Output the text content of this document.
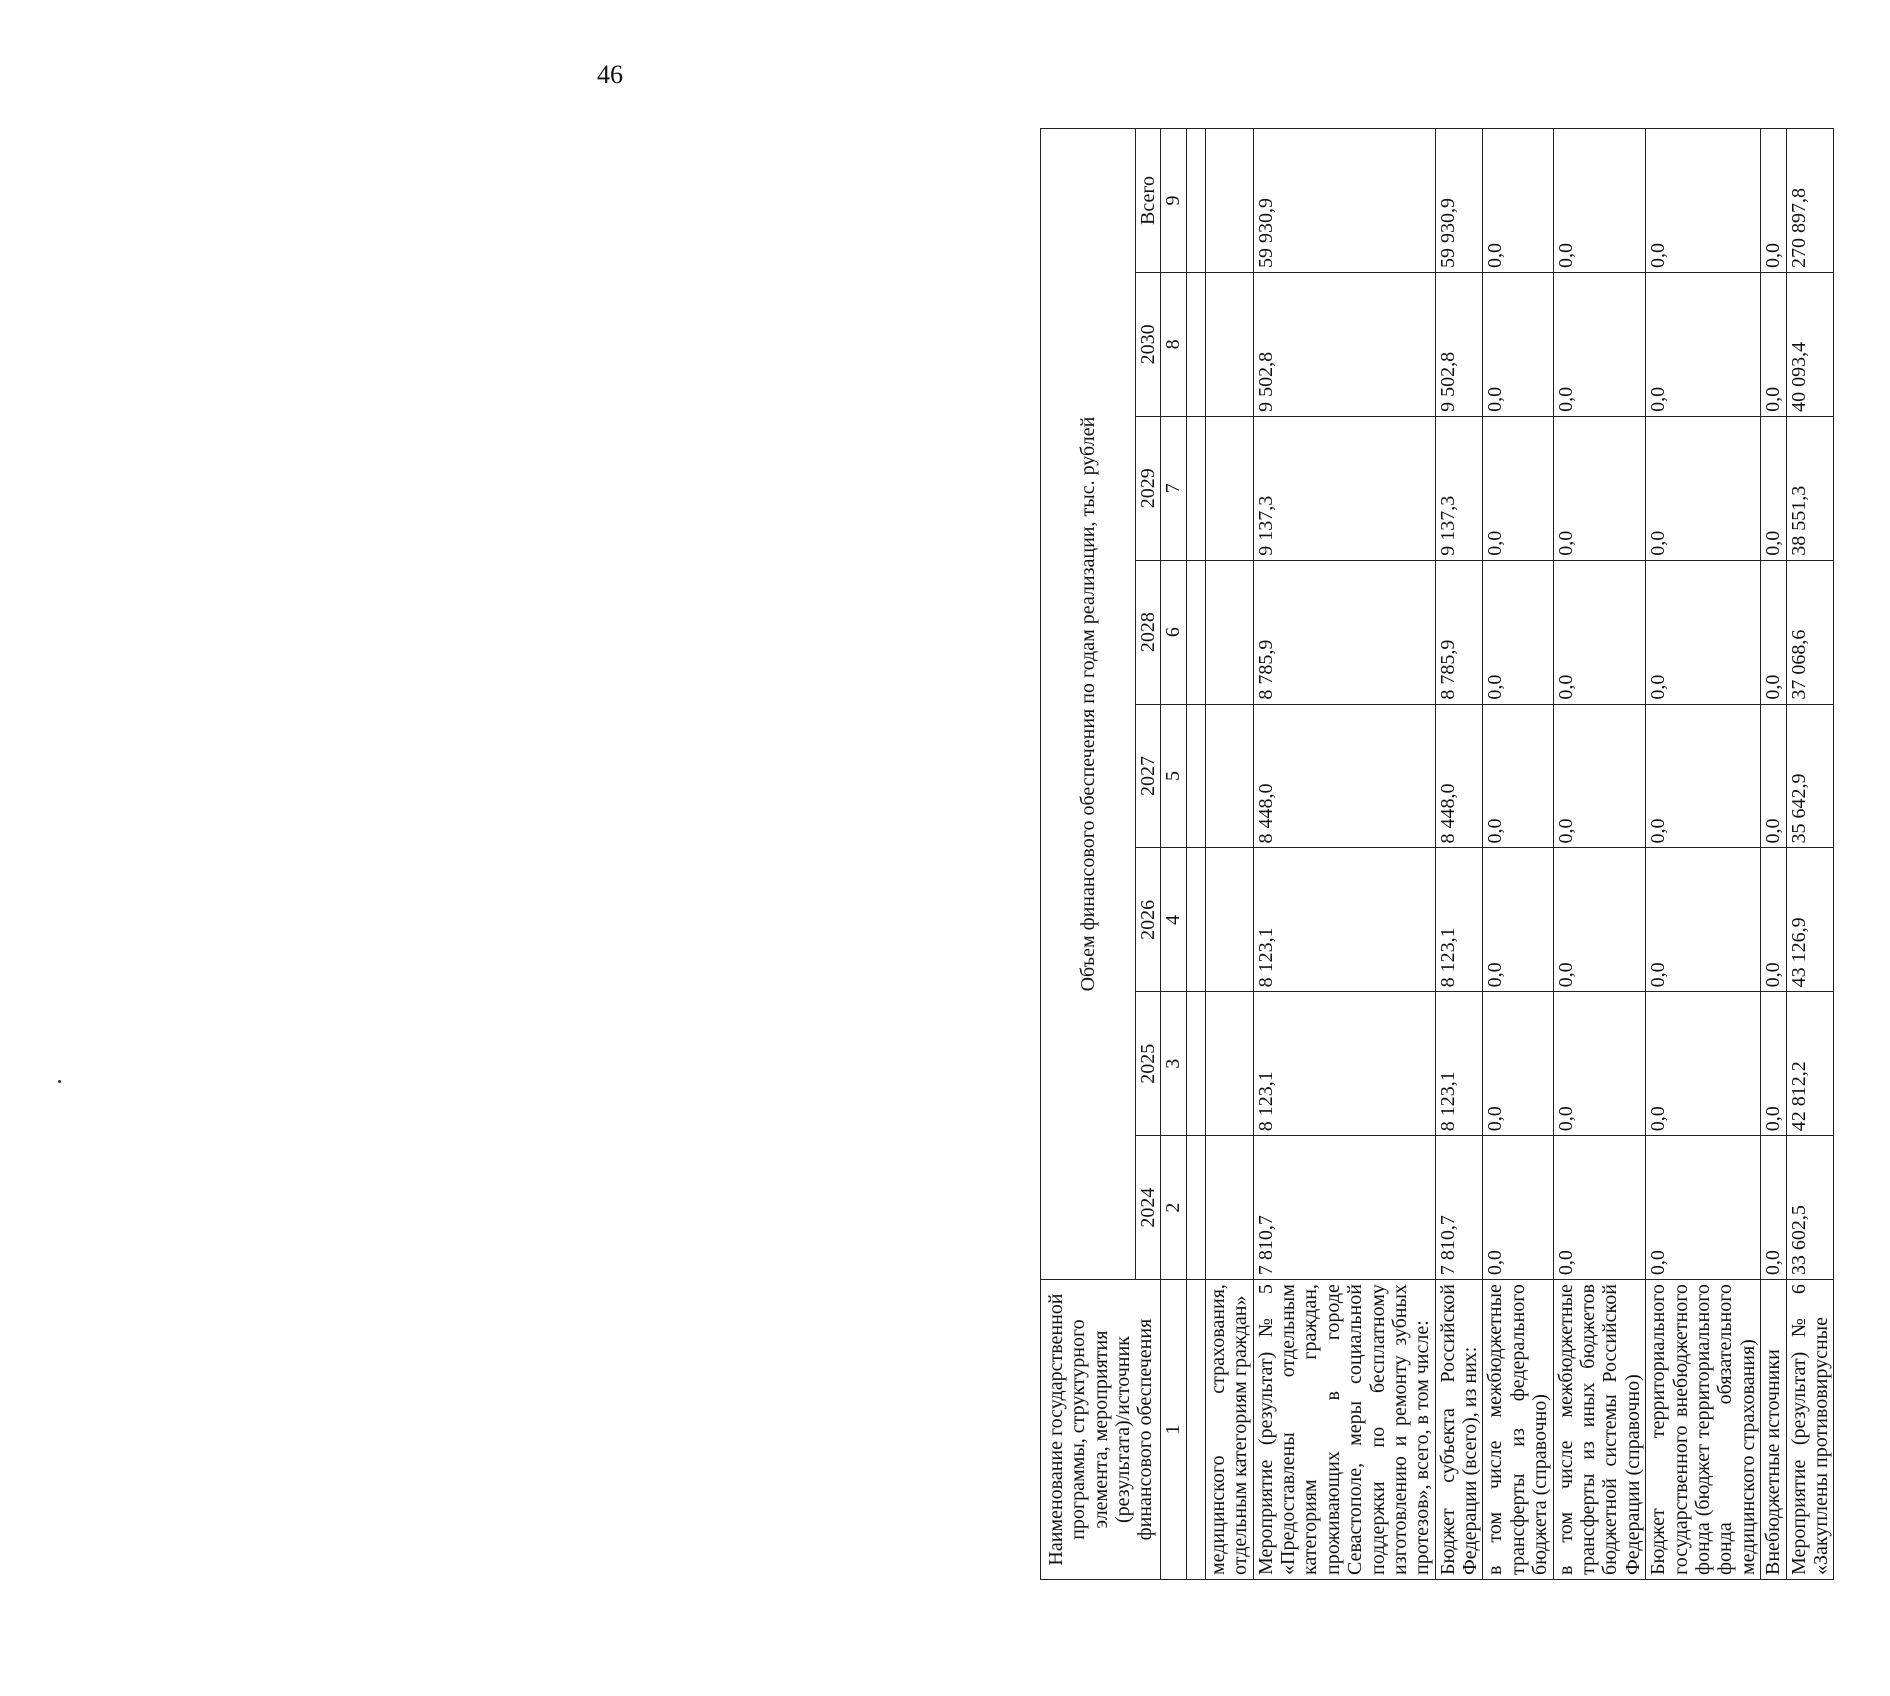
46
Наименование государственной программы, структурного элемента, мероприятия (результата)/источник финансового обеспечения	Объем финансового обеспечения по годам реализации, тыс. рублей							
	2024	2025	2026	2027	2028	2029	2030	Всего
1	2	3	4	5	6	7	8	9

медицинского страхования, отдельным категориям граждан»								
Мероприятие (результат) № 5 «Предоставлены отдельным категориям граждан, проживающих в городе Севастополе, меры социальной поддержки по бесплатному изготовлению и ремонту зубных протезов», всего, в том числе:	7 810,7	8 123,1	8 123,1	8 448,0	8 785,9	9 137,3	9 502,8	59 930,9
Бюджет субъекта Российской Федерации (всего), из них:	7 810,7	8 123,1	8 123,1	8 448,0	8 785,9	9 137,3	9 502,8	59 930,9
в том числе межбюджетные трансферты из федерального бюджета (справочно)	0,0	0,0	0,0	0,0	0,0	0,0	0,0	0,0
в том числе межбюджетные трансферты из иных бюджетов бюджетной системы Российской Федерации (справочно)	0,0	0,0	0,0	0,0	0,0	0,0	0,0	0,0
Бюджет территориального государственного внебюджетного фонда (бюджет территориального фонда обязательного медицинского страхования)	0,0	0,0	0,0	0,0	0,0	0,0	0,0	0,0
Внебюджетные источники	0,0	0,0	0,0	0,0	0,0	0,0	0,0	0,0
Мероприятие (результат) № 6 «Закуплены противовирусные	33 602,5	42 812,2	43 126,9	35 642,9	37 068,6	38 551,3	40 093,4	270 897,8
